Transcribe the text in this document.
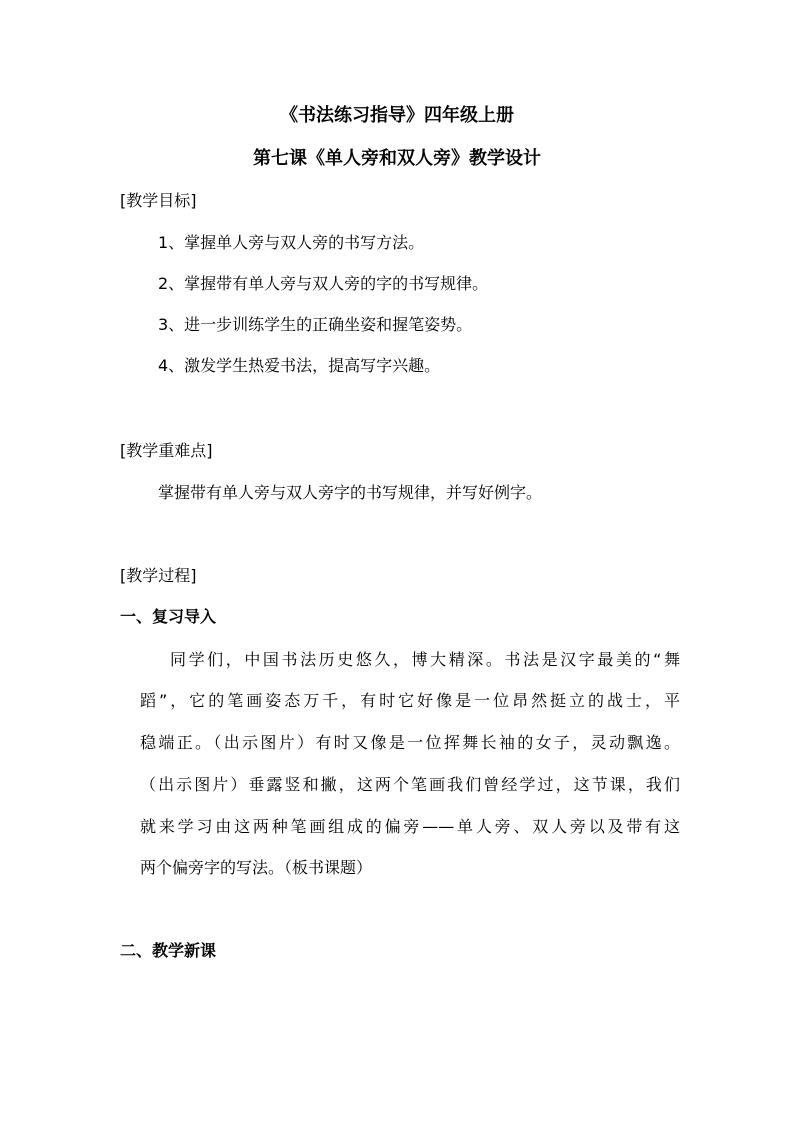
《书法练习指导》四年级上册
第七课《单人旁和双人旁》教学设计
[教学目标]
1、掌握单人旁与双人旁的书写方法。
2、掌握带有单人旁与双人旁的字的书写规律。
3、进一步训练学生的正确坐姿和握笔姿势。
4、激发学生热爱书法，提高写字兴趣。
[教学重难点]
掌握带有单人旁与双人旁字的书写规律，并写好例字。
[教学过程]
一、复习导入
同学们，中国书法历史悠久，博大精深。书法是汉字最美的“舞
蹈”，它的笔画姿态万千，有时它好像是一位昂然挺立的战士，平
稳端正。（出示图片）有时又像是一位挥舞长袖的女子，灵动飘逸。
（出示图片）垂露竖和撇，这两个笔画我们曾经学过，这节课，我们
就来学习由这两种笔画组成的偏旁——单人旁、双人旁以及带有这
两个偏旁字的写法。（板书课题）
二、教学新课
